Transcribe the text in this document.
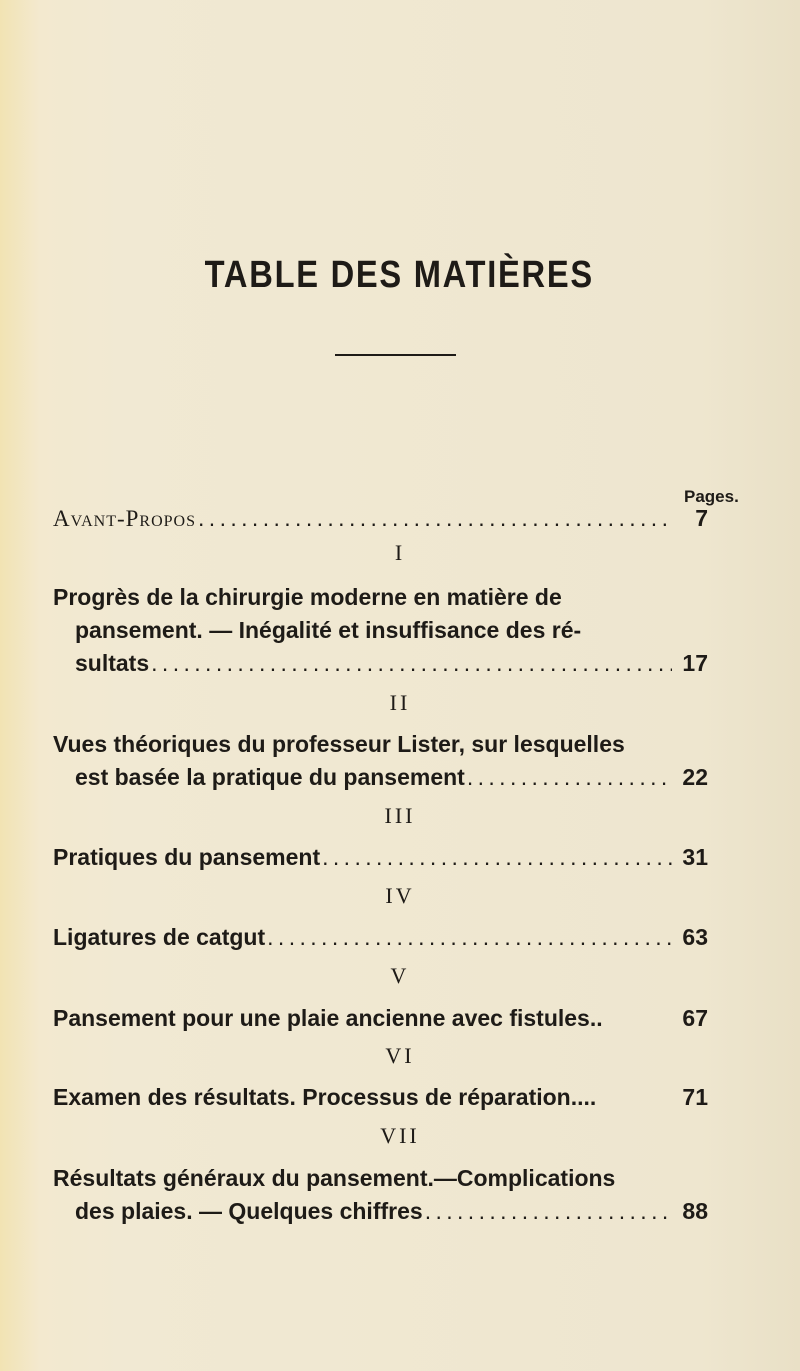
TABLE DES MATIÈRES
Pages.
Avant-Propos . . .	7
I
Progrès de la chirurgie moderne en matière de
pansement. — Inégalité et insuffisance des ré-
sultats . . .	17
II
Vues théoriques du professeur Lister, sur lesquelles
est basée la pratique du pansement . . .	22
III
Pratiques du pansement . . .	31
IV
Ligatures de catgut . . .	63
V
Pansement pour une plaie ancienne avec fistules..	67
VI
Examen des résultats. Processus de réparation....	71
VII
Résultats généraux du pansement.—Complications
des plaies. — Quelques chiffres . . .	88
